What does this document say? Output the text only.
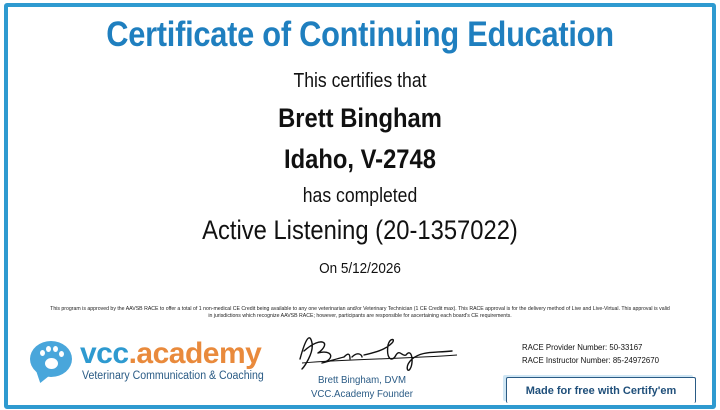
Certificate of Continuing Education
This certifies that
Brett Bingham
Idaho, V-2748
has completed
Active Listening (20-1357022)
On 5/12/2026
This program is approved by the AAVSB RACE to offer a total of 1 non-medical CE Credit being available to any one veterinarian and/or Veterinary Technician (1 CE Credit max). This RACE approval is for the delivery method of Live and Live-Virtual. This approval is valid in jurisdictions which recognize AAVSB RACE; however, participants are responsible for ascertaining each board's CE requirements.
vcc.academy
Veterinary Communication & Coaching	Brett Bingham, DVM
VCC.Academy Founder
RACE Provider Number: 50-33167
RACE Instructor Number: 85-24972670
Made for free with Certify'em
